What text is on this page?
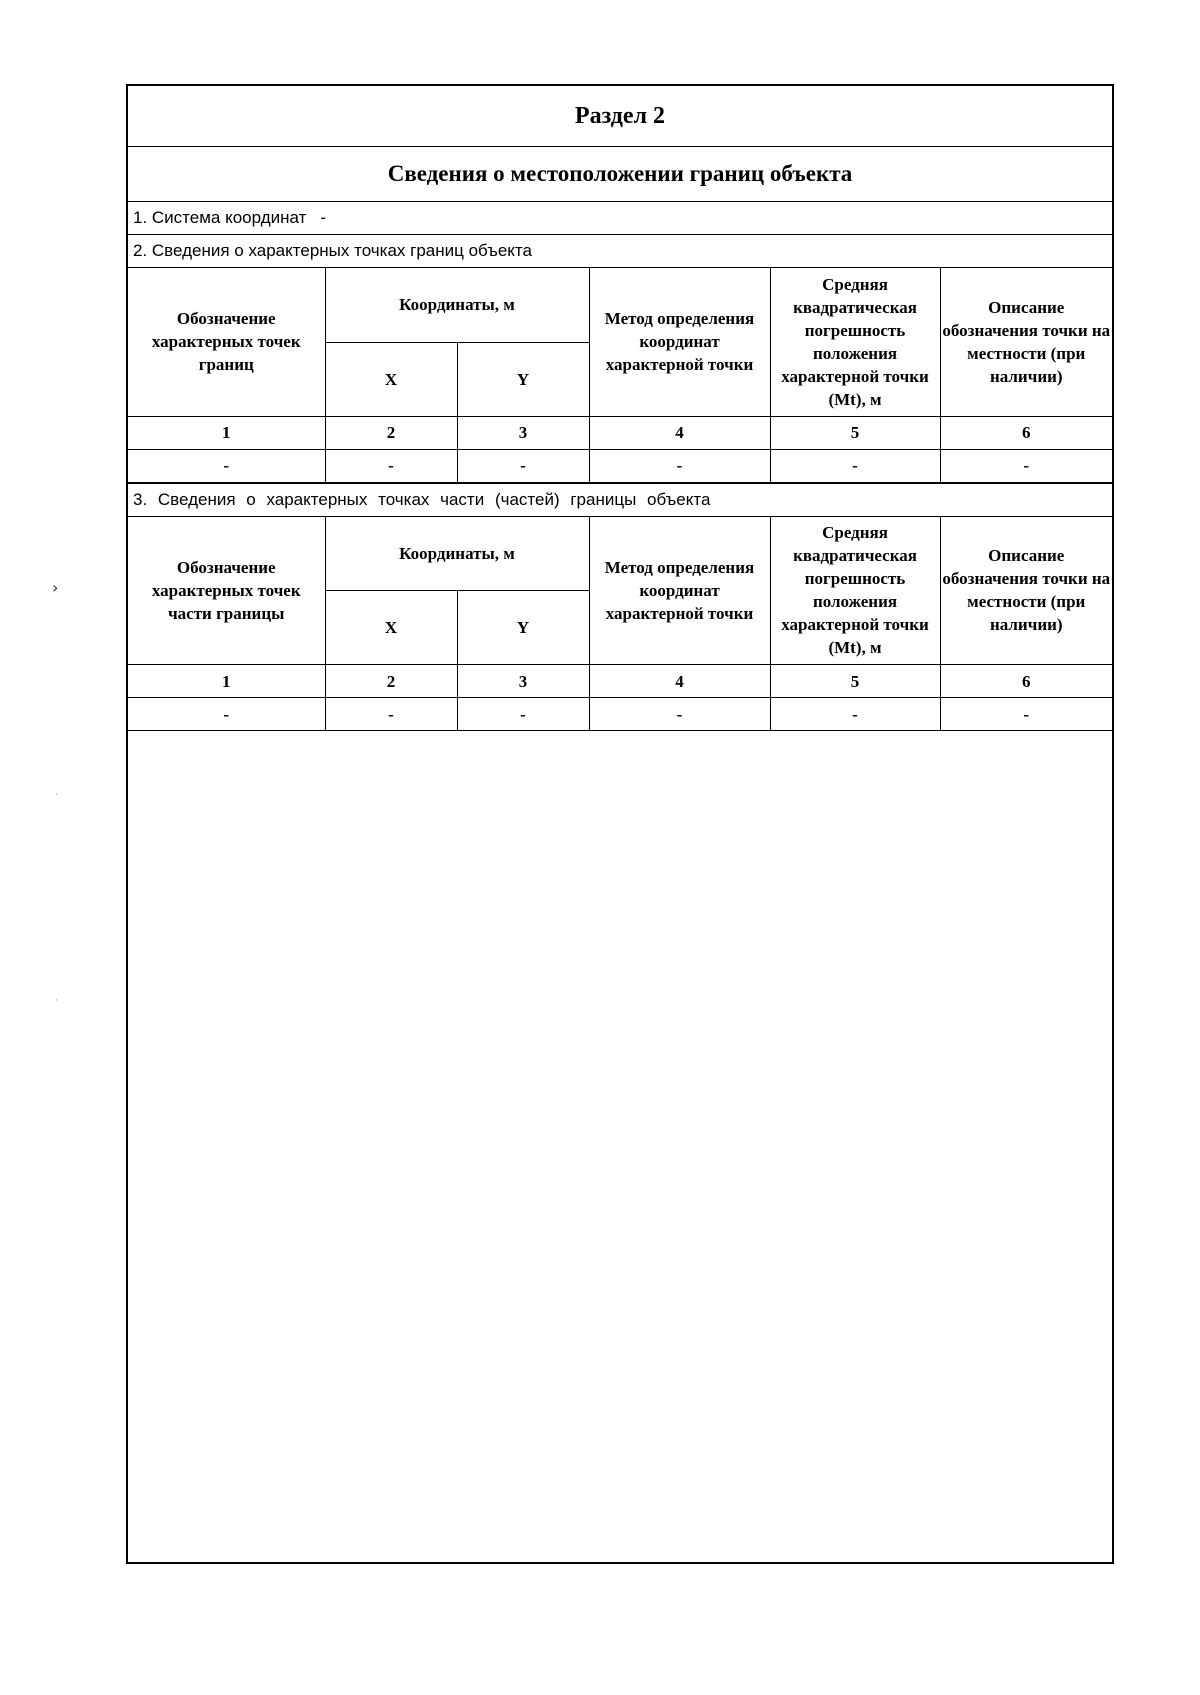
Раздел 2
Сведения о местоположении границ объекта
1. Система координат -
2. Сведения о характерных точках границ объекта
Обозначение характерных точек границ	Координаты, м		Метод определения координат характерной точки	Средняя квадратическая погрешность положения характерной точки (Mt), м	Описание обозначения точки на местности (при наличии)
	X	Y			
1	2	3	4	5	6
-	-	-	-	-	-
3. Сведения о характерных точках части (частей) границы объекта
Обозначение характерных точек части границы	Координаты, м		Метод определения координат характерной точки	Средняя квадратическая погрешность положения характерной точки (Mt), м	Описание обозначения точки на местности (при наличии)
	X	Y			
1	2	3	4	5	6
-	-	-	-	-	-
›
·
·
